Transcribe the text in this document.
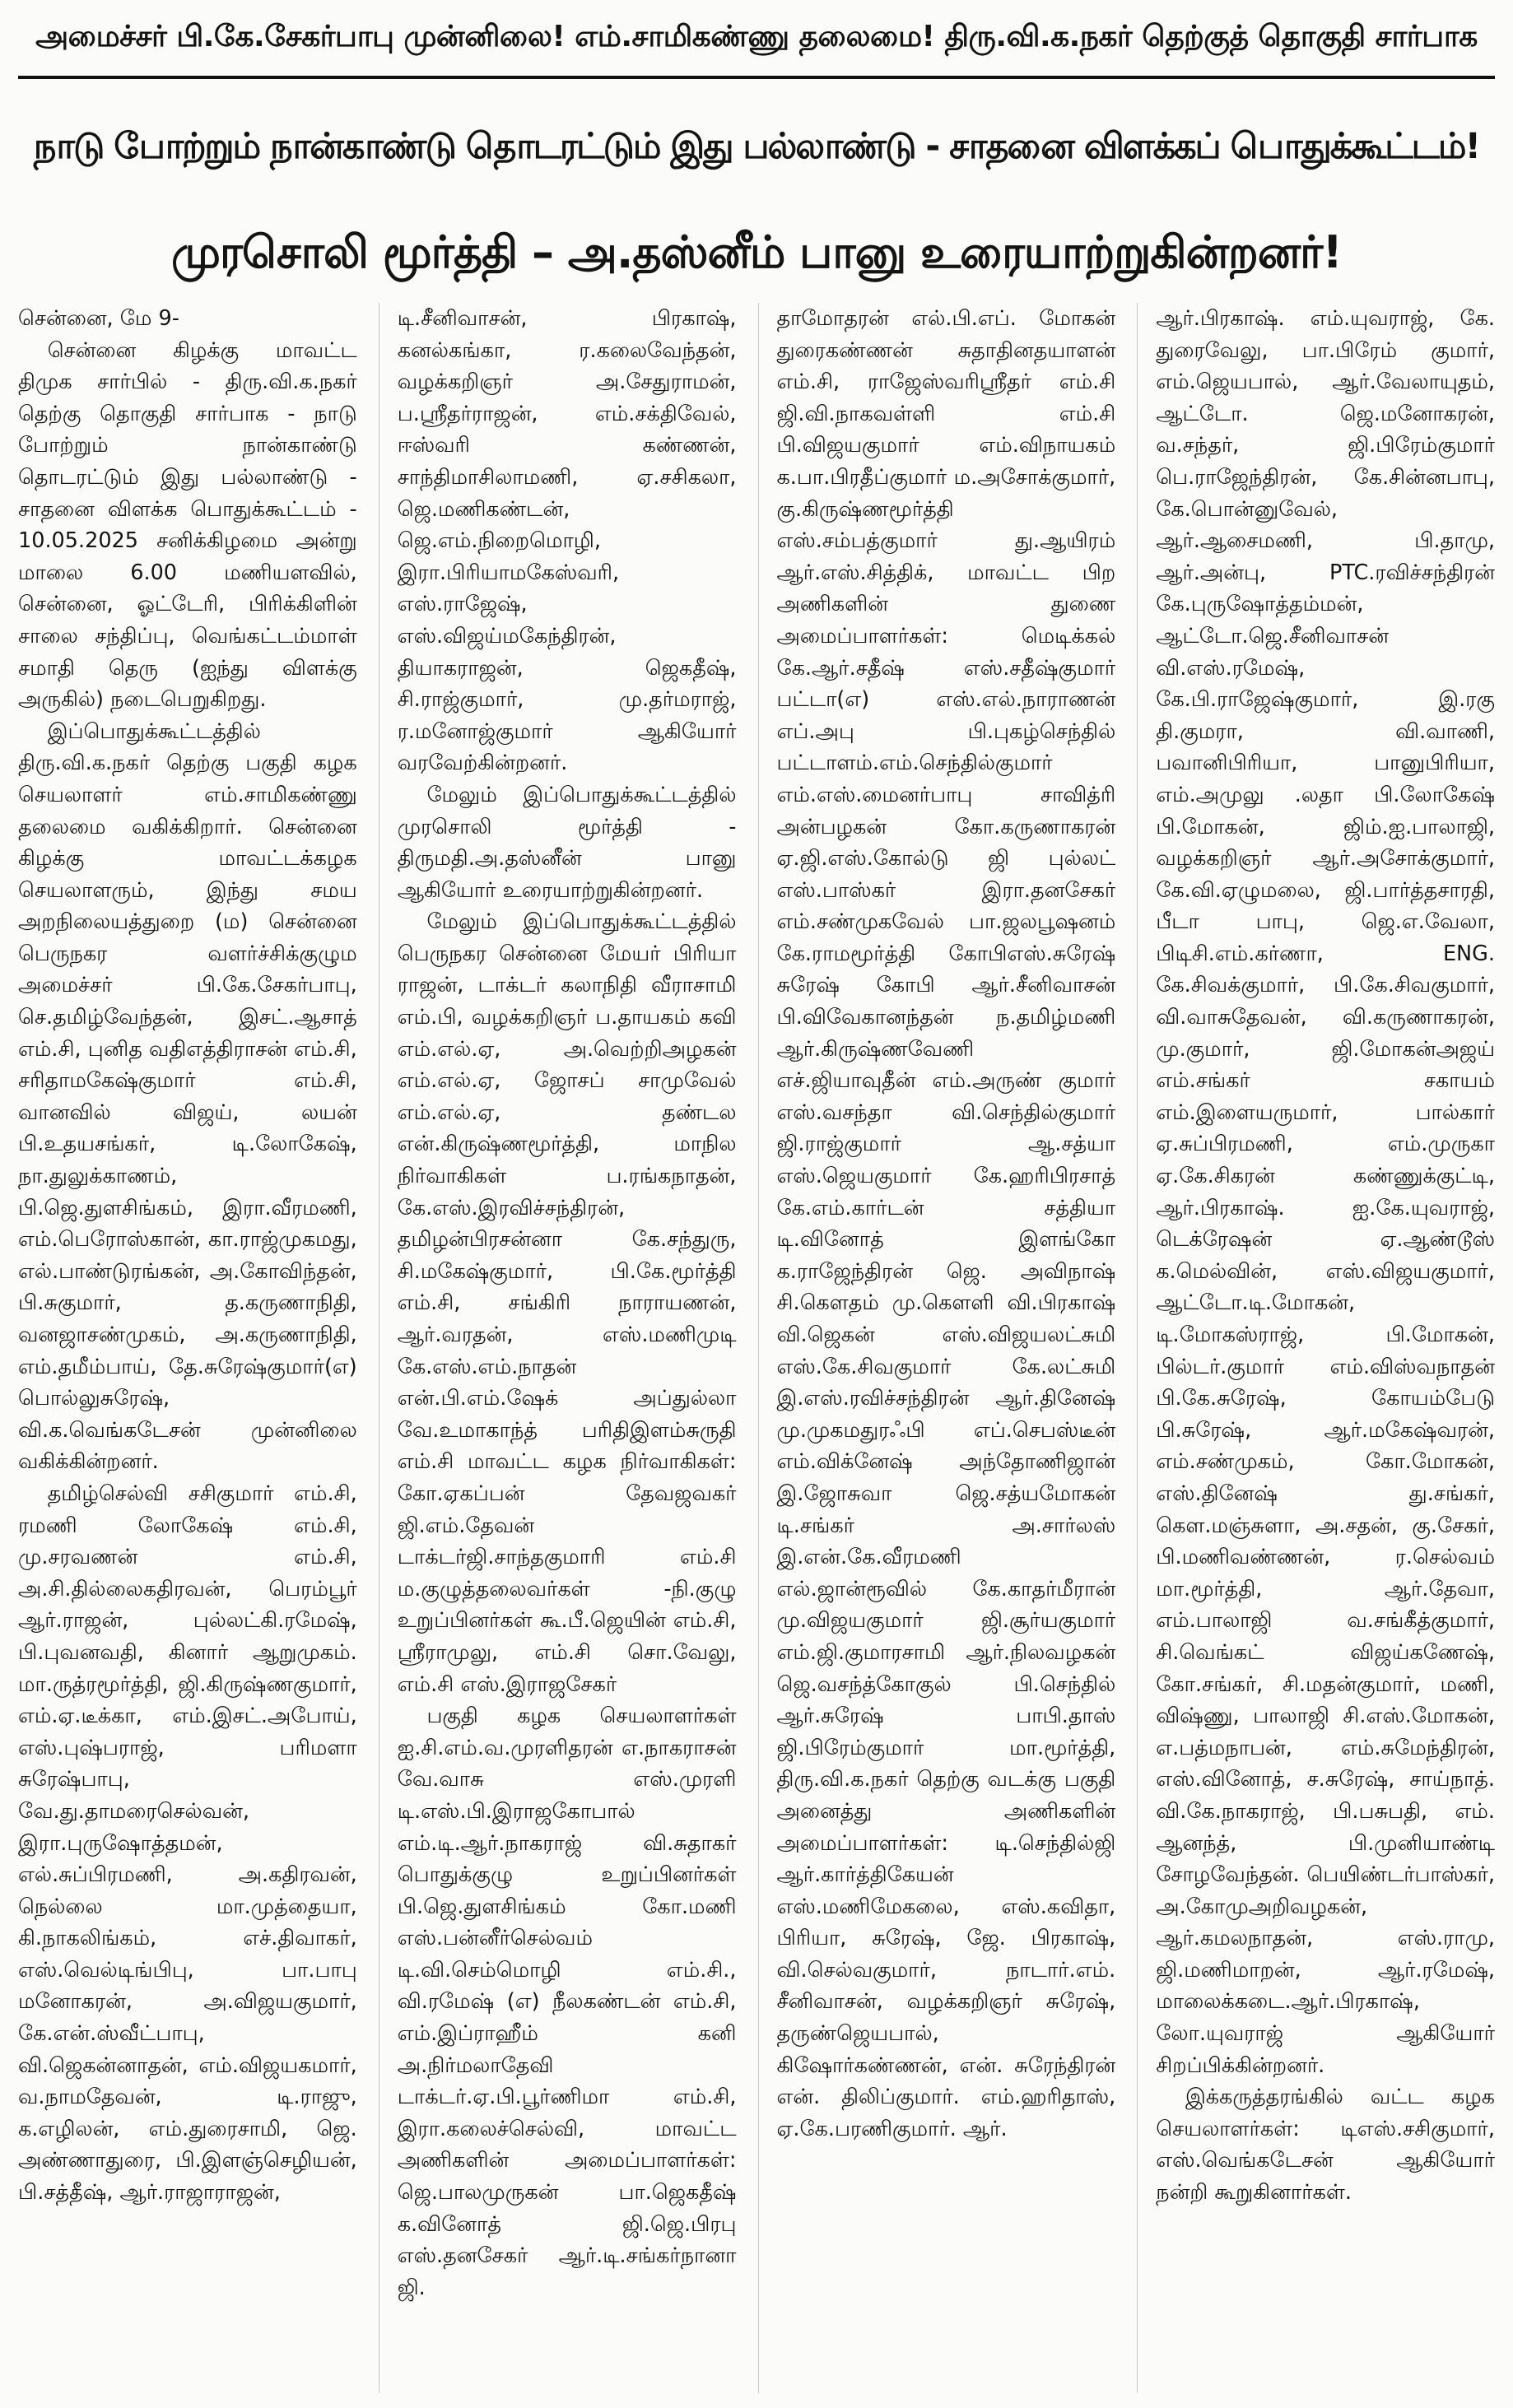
அமைச்சர் பி.கே.சேகர்பாபு முன்னிலை! எம்.சாமிகண்ணு தலைமை! திரு.வி.க.நகர் தெற்குத் தொகுதி சார்பாக
நாடு போற்றும் நான்காண்டு தொடரட்டும் இது பல்லாண்டு - சாதனை விளக்கப் பொதுக்கூட்டம்!
முரசொலி மூர்த்தி – அ.தஸ்னீம் பானு உரையாற்றுகின்றனர்!

சென்னை, மே 9-

சென்னை கிழக்கு மாவட்ட திமுக சார்பில் - திரு.வி.க.நகர் தெற்கு தொகுதி சார்பாக - நாடு போற்றும் நான்காண்டு தொடரட்டும் இது பல்லாண்டு - சாதனை விளக்க பொதுக்கூட்டம் - 10.05.2025 சனிக்கிழமை அன்று மாலை 6.00 மணியளவில், சென்னை, ஓட்டேரி, பிரிக்கிளின் சாலை சந்திப்பு, வெங்கட்டம்மாள் சமாதி தெரு (ஐந்து விளக்கு அருகில்) நடைபெறுகிறது.

இப்பொதுக்கூட்டத்தில் திரு.வி.க.நகர் தெற்கு பகுதி கழக செயலாளர் எம்.சாமிகண்ணு தலைமை வகிக்கிறார். சென்னை கிழக்கு மாவட்டக்கழக செயலாளரும், இந்து சமய அறநிலையத்துறை (ம) சென்னை பெருநகர வளர்ச்சிக்குழும அமைச்சர் பி.கே.சேகர்பாபு, செ.தமிழ்வேந்தன், இசட்.ஆசாத் எம்.சி, புனித வதிஎத்திராசன் எம்.சி, சரிதாமகேஷ்குமார் எம்.சி, வானவில் விஜய், லயன் பி.உதயசங்கர், டி.லோகேஷ், நா.துலுக்காணம், பி.ஜெ.துளசிங்கம், இரா.வீரமணி, எம்.பெரோஸ்கான், கா.ராஜ்முகமது, எல்.பாண்டுரங்கன், அ.கோவிந்தன், பி.சுகுமார், த.கருணாநிதி, வனஜாசண்முகம், அ.கருணாநிதி, எம்.தமீம்பாய், தே.சுரேஷ்குமார்(எ) பொல்லுசுரேஷ், வி.க.வெங்கடேசன் முன்னிலை வகிக்கின்றனர்.

தமிழ்செல்வி சசிகுமார் எம்.சி, ரமணி லோகேஷ் எம்.சி, மு.சரவணன் எம்.சி, அ.சி.தில்லைகதிரவன், பெரம்பூர் ஆர்.ராஜன், புல்லட்கி.ரமேஷ், பி.புவனவதி, கினார் ஆறுமுகம். மா.ருத்ரமூர்த்தி, ஜி.கிருஷ்ணகுமார், எம்.ஏ.டீக்கா, எம்.இசட்.அபோய், எஸ்.புஷ்பராஜ், பரிமளா சுரேஷ்பாபு, வே.து.தாமரைசெல்வன், இரா.புருஷோத்தமன், எல்.சுப்பிரமணி, அ.கதிரவன், நெல்லை மா.முத்தையா, கி.நாகலிங்கம், எச்.திவாகர், எஸ்.வெல்டிங்பிபு, பா.பாபு மனோகரன், அ.விஜயகுமார், கே.என்.ஸ்வீட்பாபு, வி.ஜெகன்னாதன், எம்.விஜயகமார், வ.நாமதேவன், டி.ராஜு, க.எழிலன், எம்.துரைசாமி, ஜெ. அண்ணாதுரை, பி.இளஞ்செழியன், பி.சத்தீஷ், ஆர்.ராஜாராஜன்,

டி.சீனிவாசன், பிரகாஷ், கனல்கங்கா, ர.கலைவேந்தன், வழக்கறிஞர் அ.சேதுராமன், ப.ஸ்ரீதர்ராஜன், எம்.சக்திவேல், ஈஸ்வரி கண்ணன், சாந்திமாசிலாமணி, ஏ.சசிகலா, ஜெ.மணிகண்டன், ஜெ.எம்.நிறைமொழி, இரா.பிரியாமகேஸ்வரி, எஸ்.ராஜேஷ், எஸ்.விஜய்மகேந்திரன், தியாகராஜன், ஜெகதீஷ், சி.ராஜ்குமார், மு.தர்மராஜ், ர.மனோஜ்குமார் ஆகியோர் வரவேற்கின்றனர்.

மேலும் இப்பொதுக்கூட்டத்தில் முரசொலி மூர்த்தி - திருமதி.அ.தஸ்னீன் பானு ஆகியோர் உரையாற்றுகின்றனர்.

மேலும் இப்பொதுக்கூட்டத்தில் பெருநகர சென்னை மேயர் பிரியா ராஜன், டாக்டர் கலாநிதி வீராசாமி எம்.பி, வழக்கறிஞர் ப.தாயகம் கவி எம்.எல்.ஏ, அ.வெற்றிஅழகன் எம்.எல்.ஏ, ஜோசப் சாமுவேல் எம்.எல்.ஏ, தண்டல என்.கிருஷ்ணமூர்த்தி, மாநில நிர்வாகிகள் ப.ரங்கநாதன், கே.எஸ்.இரவிச்சந்திரன், தமிழன்பிரசன்னா கே.சந்துரு, சி.மகேஷ்குமார், பி.கே.மூர்த்தி எம்.சி, சங்கிரி நாராயணன், ஆர்.வரதன், எஸ்.மணிமுடி கே.எஸ்.எம்.நாதன் என்.பி.எம்.ஷேக் அப்துல்லா வே.உமாகாந்த் பரிதிஇளம்சுருதி எம்.சி மாவட்ட கழக நிர்வாகிகள்: கோ.ஏகப்பன் தேவஜவகர் ஜி.எம்.தேவன் டாக்டர்ஜி.சாந்தகுமாரி எம்.சி ம.குழுத்தலைவர்கள் -நி.குழு உறுப்பினர்கள் கூ.பீ.ஜெயின் எம்.சி, ஸ்ரீராமுலு, எம்.சி சொ.வேலு, எம்.சி எஸ்.இராஜசேகர்

பகுதி கழக செயலாளர்கள் ஐ.சி.எம்.வ.முரளிதரன் எ.நாகராசன் வே.வாசு எஸ்.முரளி டி.எஸ்.பி.இராஜகோபால் எம்.டி.ஆர்.நாகராஜ் வி.சுதாகர் பொதுக்குழு உறுப்பினர்கள் பி.ஜெ.துளசிங்கம் கோ.மணி எஸ்.பன்னீர்செல்வம் டி.வி.செம்மொழி எம்.சி., வி.ரமேஷ் (எ) நீலகண்டன் எம்.சி, எம்.இப்ராஹீம் கனி அ.நிர்மலாதேவி டாக்டர்.ஏ.பி.பூர்ணிமா எம்.சி, இரா.கலைச்செல்வி, மாவட்ட அணிகளின் அமைப்பாளர்கள்: ஜெ.பாலமுருகன் பா.ஜெகதீஷ் க.வினோத் ஜி.ஜெ.பிரபு எஸ்.தனசேகர் ஆர்.டி.சங்கர்நானா ஜி.

தாமோதரன் எல்.பி.எப். மோகன் துரைகண்ணன் சுதாதினதயாளன் எம்.சி, ராஜேஸ்வரிஸ்ரீதர் எம்.சி ஜி.வி.நாகவள்ளி எம்.சி பி.விஜயகுமார் எம்.விநாயகம் க.பா.பிரதீப்குமார் ம.அசோக்குமார், கு.கிருஷ்ணமூர்த்தி எஸ்.சம்பத்குமார் து.ஆயிரம் ஆர்.எஸ்.சித்திக், மாவட்ட பிற அணிகளின் துணை அமைப்பாளர்கள்: மெடிக்கல் கே.ஆர்.சதீஷ் எஸ்.சதீஷ்குமார் பட்டா(எ) எஸ்.எல்.நாராணன் எப்.அபு பி.புகழ்செந்தில் பட்டாளம்.எம்.செந்தில்குமார் எம்.எஸ்.மைனர்பாபு சாவித்ரி அன்பழகன் கோ.கருணாகரன் ஏ.ஜி.எஸ்.கோல்டு ஜி புல்லட் எஸ்.பாஸ்கர் இரா.தனசேகர் எம்.சண்முகவேல் பா.ஜலபூஷனம் கே.ராமமூர்த்தி கோபிஎஸ்.சுரேஷ் சுரேஷ் கோபி ஆர்.சீனிவாசன் பி.விவேகானந்தன் ந.தமிழ்மணி ஆர்.கிருஷ்ணவேணி எச்.ஜியாவுதீன் எம்.அருண் குமார் எஸ்.வசந்தா வி.செந்தில்குமார் ஜி.ராஜ்குமார் ஆ.சத்யா எஸ்.ஜெயகுமார் கே.ஹரிபிரசாத் கே.எம்.கார்டன் சத்தியா டி.வினோத் இளங்கோ க.ராஜேந்திரன் ஜெ. அவிநாஷ் சி.கௌதம் மு.கௌளி வி.பிரகாஷ் வி.ஜெகன் எஸ்.விஜயலட்சுமி எஸ்.கே.சிவகுமார் கே.லட்சுமி இ.எஸ்.ரவிச்சந்திரன் ஆர்.தினேஷ் மு.முகமதுரஃபி எப்.செபஸ்டீன் எம்.விக்னேஷ் அந்தோணிஜான் இ.ஜோசுவா ஜெ.சத்யமோகன் டி.சங்கர் அ.சார்லஸ் இ.என்.கே.வீரமணி எல்.ஜான்ரூவில் கே.காதர்மீரான் மு.விஜயகுமார் ஜி.சூர்யகுமார் எம்.ஜி.குமாரசாமி ஆர்.நிலவழகன் ஜெ.வசந்த்கோகுல் பி.செந்தில் ஆர்.சுரேஷ் பாபி.தாஸ் ஜி.பிரேம்குமார் மா.மூர்த்தி, திரு.வி.க.நகர் தெற்கு வடக்கு பகுதி அனைத்து அணிகளின் அமைப்பாளர்கள்: டி.செந்தில்ஜி ஆர்.கார்த்திகேயன் எஸ்.மணிமேகலை, எஸ்.கவிதா, பிரியா, சுரேஷ், ஜே. பிரகாஷ், வி.செல்வகுமார், நாடார்.எம். சீனிவாசன், வழக்கறிஞர் சுரேஷ், தருண்ஜெயபால், கிஷோர்கண்ணன், என். சுரேந்திரன் என். திலிப்குமார். எம்.ஹரிதாஸ், ஏ.கே.பரணிகுமார். ஆர்.

ஆர்.பிரகாஷ். எம்.யுவராஜ், கே. துரைவேலு, பா.பிரேம் குமார், எம்.ஜெயபால், ஆர்.வேலாயுதம், ஆட்டோ. ஜெ.மனோகரன், வ.சந்தர், ஜி.பிரேம்குமார் பெ.ராஜேந்திரன், கே.சின்னபாபு, கே.பொன்னுவேல், ஆர்.ஆசைமணி, பி.தாமு, ஆர்.அன்பு, PTC.ரவிச்சந்திரன் கே.புருஷோத்தம்மன், ஆட்டோ.ஜெ.சீனிவாசன் வி.எஸ்.ரமேஷ், கே.பி.ராஜேஷ்குமார், இ.ரகு தி.குமரா, வி.வாணி, பவானிபிரியா, பானுபிரியா, எம்.அமுலு .லதா பி.லோகேஷ் பி.மோகன், ஜிம்.ஐ.பாலாஜி, வழக்கறிஞர் ஆர்.அசோக்குமார், கே.வி.ஏழுமலை, ஜி.பார்த்தசாரதி, பீடா பாபு, ஜெ.எ.வேலா, பிடிசி.எம்.கர்ணா, ENG. கே.சிவக்குமார், பி.கே.சிவகுமார், வி.வாசுதேவன், வி.கருணாகரன், மு.குமார், ஜி.மோகன்அஜய் எம்.சங்கர் சகாயம் எம்.இளையருமார், பால்கார் ஏ.சுப்பிரமணி, எம்.முருகா ஏ.கே.சிகரன் கண்ணுக்குட்டி, ஆர்.பிரகாஷ். ஐ.கே.யுவராஜ், டெக்ரேஷன் ஏ.ஆண்டூஸ் க.மெல்வின், எஸ்.விஜயகுமார், ஆட்டோ.டி.மோகன், டி.மோகஸ்ராஜ், பி.மோகன், பில்டர்.குமார் எம்.விஸ்வநாதன் பி.கே.சுரேஷ், கோயம்பேடு பி.சுரேஷ், ஆர்.மகேஷ்வரன், எம்.சண்முகம், கோ.மோகன், எஸ்.தினேஷ் து.சங்கர், கௌ.மஞ்சுளா, அ.சதன், கு.சேகர், பி.மணிவண்ணன், ர.செல்வம் மா.மூர்த்தி, ஆர்.தேவா, எம்.பாலாஜி வ.சங்கீத்குமார், சி.வெங்கட் விஜய்கணேஷ், கோ.சங்கர், சி.மதன்குமார், மணி, விஷ்ணு, பாலாஜி சி.எஸ்.மோகன், எ.பத்மநாபன், எம்.சுமேந்திரன், எஸ்.வினோத், ச.சுரேஷ், சாய்நாத். வி.கே.நாகராஜ், பி.பசுபதி, எம். ஆனந்த், பி.முனியாண்டி சோழவேந்தன். பெயிண்டர்பாஸ்கர், அ.கோமுஅறிவழகன், ஆர்.கமலநாதன், எஸ்.ராமு, ஜி.மணிமாறன், ஆர்.ரமேஷ், மாலைக்கடை.ஆர்.பிரகாஷ், லோ.யுவராஜ் ஆகியோர் சிறப்பிக்கின்றனர்.

இக்கருத்தரங்கில் வட்ட கழக செயலாளர்கள்: டிஎஸ்.சசிகுமார், எஸ்.வெங்கடேசன் ஆகியோர் நன்றி கூறுகினார்கள்.
